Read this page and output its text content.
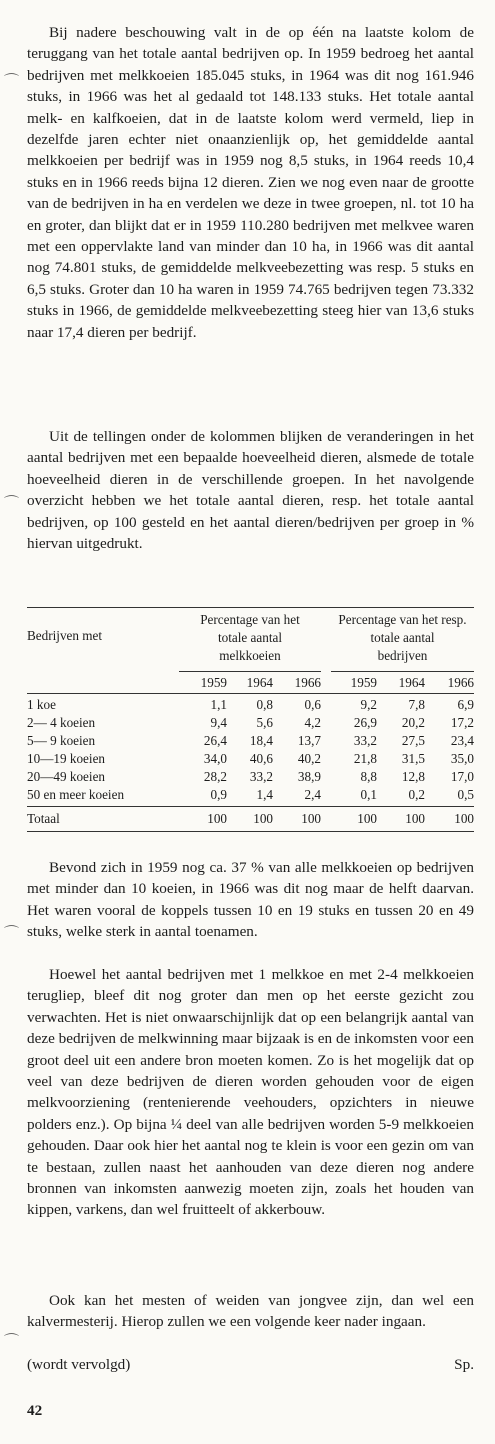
Bij nadere beschouwing valt in de op één na laatste kolom de teruggang van het totale aantal bedrijven op. In 1959 bedroeg het aantal bedrijven met melkkoeien 185.045 stuks, in 1964 was dit nog 161.946 stuks, in 1966 was het al gedaald tot 148.133 stuks. Het totale aantal melk- en kalfkoeien, dat in de laatste kolom werd vermeld, liep in dezelfde jaren echter niet onaanzienlijk op, het gemiddelde aantal melkkoeien per bedrijf was in 1959 nog 8,5 stuks, in 1964 reeds 10,4 stuks en in 1966 reeds bijna 12 dieren. Zien we nog even naar de grootte van de bedrijven in ha en verdelen we deze in twee groepen, nl. tot 10 ha en groter, dan blijkt dat er in 1959 110.280 bedrijven met melkvee waren met een oppervlakte land van minder dan 10 ha, in 1966 was dit aantal nog 74.801 stuks, de gemiddelde melkveebezetting was resp. 5 stuks en 6,5 stuks. Groter dan 10 ha waren in 1959 74.765 bedrijven tegen 73.332 stuks in 1966, de gemiddelde melkveebezetting steeg hier van 13,6 stuks naar 17,4 dieren per bedrijf.

⌒

Uit de tellingen onder de kolommen blijken de veranderingen in het aantal bedrijven met een bepaalde hoeveelheid dieren, alsmede de totale hoeveelheid dieren in de verschillende groepen. In het navolgende overzicht hebben we het totale aantal dieren, resp. het totale aantal bedrijven, op 100 gesteld en het aantal dieren/bedrijven per groep in % hiervan uitgedrukt.

⌒
Bedrijven met
Percentage van het
totale aantal
melkkoeien
Percentage van het resp.
totale aantal
bedrijven
1959	1964	1966	1959	1964	1966
1 koe	1,1	0,8	0,6	9,2	7,8	6,9
2— 4 koeien	9,4	5,6	4,2	26,9	20,2	17,2
5— 9 koeien	26,4	18,4	13,7	33,2	27,5	23,4
10—19 koeien	34,0	40,6	40,2	21,8	31,5	35,0
20—49 koeien	28,2	33,2	38,9	8,8	12,8	17,0
50 en meer koeien	0,9	1,4	2,4	0,1	0,2	0,5
Totaal	100	100	100	100	100	100

Bevond zich in 1959 nog ca. 37 % van alle melkkoeien op bedrijven met minder dan 10 koeien, in 1966 was dit nog maar de helft daarvan. Het waren vooral de koppels tussen 10 en 19 stuks en tussen 20 en 49 stuks, welke sterk in aantal toenamen.

⌒

Hoewel het aantal bedrijven met 1 melkkoe en met 2-4 melkkoeien terugliep, bleef dit nog groter dan men op het eerste gezicht zou verwachten. Het is niet onwaarschijnlijk dat op een belangrijk aantal van deze bedrijven de melkwinning maar bijzaak is en de inkomsten voor een groot deel uit een andere bron moeten komen. Zo is het mogelijk dat op veel van deze bedrijven de dieren worden gehouden voor de eigen melkvoorziening (rentenierende veehouders, opzichters in nieuwe polders enz.). Op bijna ¼ deel van alle bedrijven worden 5-9 melkkoeien gehouden. Daar ook hier het aantal nog te klein is voor een gezin om van te bestaan, zullen naast het aanhouden van deze dieren nog andere bronnen van inkomsten aanwezig moeten zijn, zoals het houden van kippen, varkens, dan wel fruitteelt of akkerbouw.

Ook kan het mesten of weiden van jongvee zijn, dan wel een kalvermesterij. Hierop zullen we een volgende keer nader ingaan.

⌒
(wordt vervolgd)	Sp.
42
